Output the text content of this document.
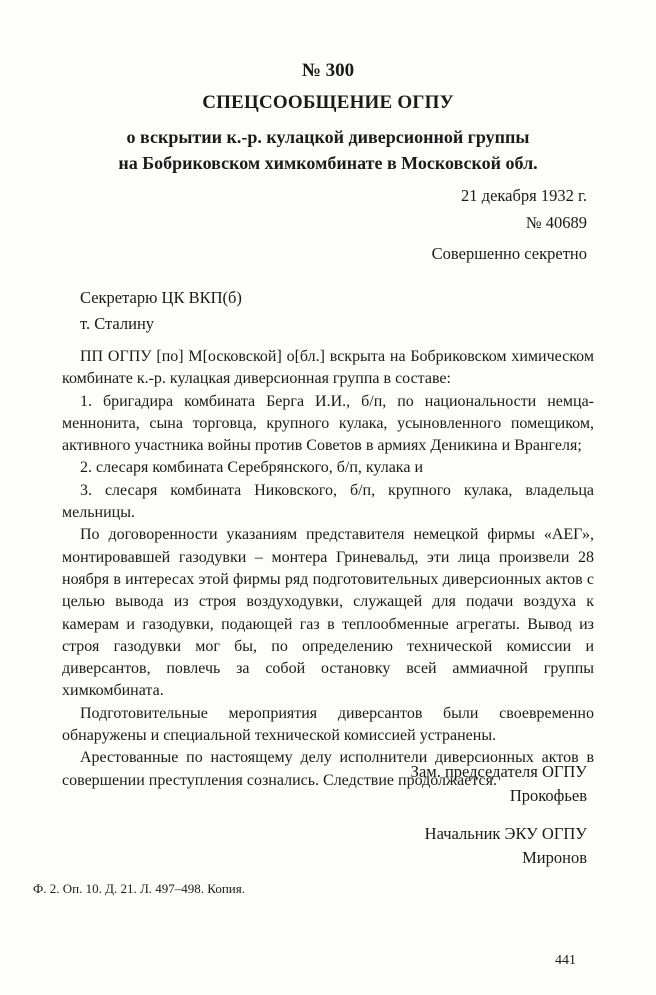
№ 300
СПЕЦСООБЩЕНИЕ ОГПУ
о вскрытии к.-р. кулацкой диверсионной группы
на Бобриковском химкомбинате в Московской обл.
21 декабря 1932 г.
№ 40689
Совершенно секретно
Секретарю ЦК ВКП(б)
т. Сталину

ПП ОГПУ [по] М[осковской] о[бл.] вскрыта на Бобриковском химическом комбинате к.-р. кулацкая диверсионная группа в составе:

1. бригадира комбината Берга И.И., б/п, по национальности немца-меннонита, сына торговца, крупного кулака, усыновленного помещиком, активного участника войны против Советов в армиях Деникина и Врангеля;

2. слесаря комбината Серебрянского, б/п, кулака и

3. слесаря комбината Никовского, б/п, крупного кулака, владельца мельницы.

По договоренности указаниям представителя немецкой фирмы «АЕГ», монтировавшей газодувки – монтера Гриневальд, эти лица произвели 28 ноября в интересах этой фирмы ряд подготовительных диверсионных актов с целью вывода из строя воздуходувки, служащей для подачи воздуха к камерам и газодувки, подающей газ в теплообменные агрегаты. Вывод из строя газодувки мог бы, по определению технической комиссии и диверсантов, повлечь за собой остановку всей аммиачной группы химкомбината.

Подготовительные мероприятия диверсантов были своевременно обнаружены и специальной технической комиссией устранены.

Арестованные по настоящему делу исполнители диверсионных актов в совершении преступления сознались. Следствие продолжается.

Зам. председателя ОГПУ
Прокофьев
Начальник ЭКУ ОГПУ
Миронов
Ф. 2. Оп. 10. Д. 21. Л. 497–498. Копия.
441
